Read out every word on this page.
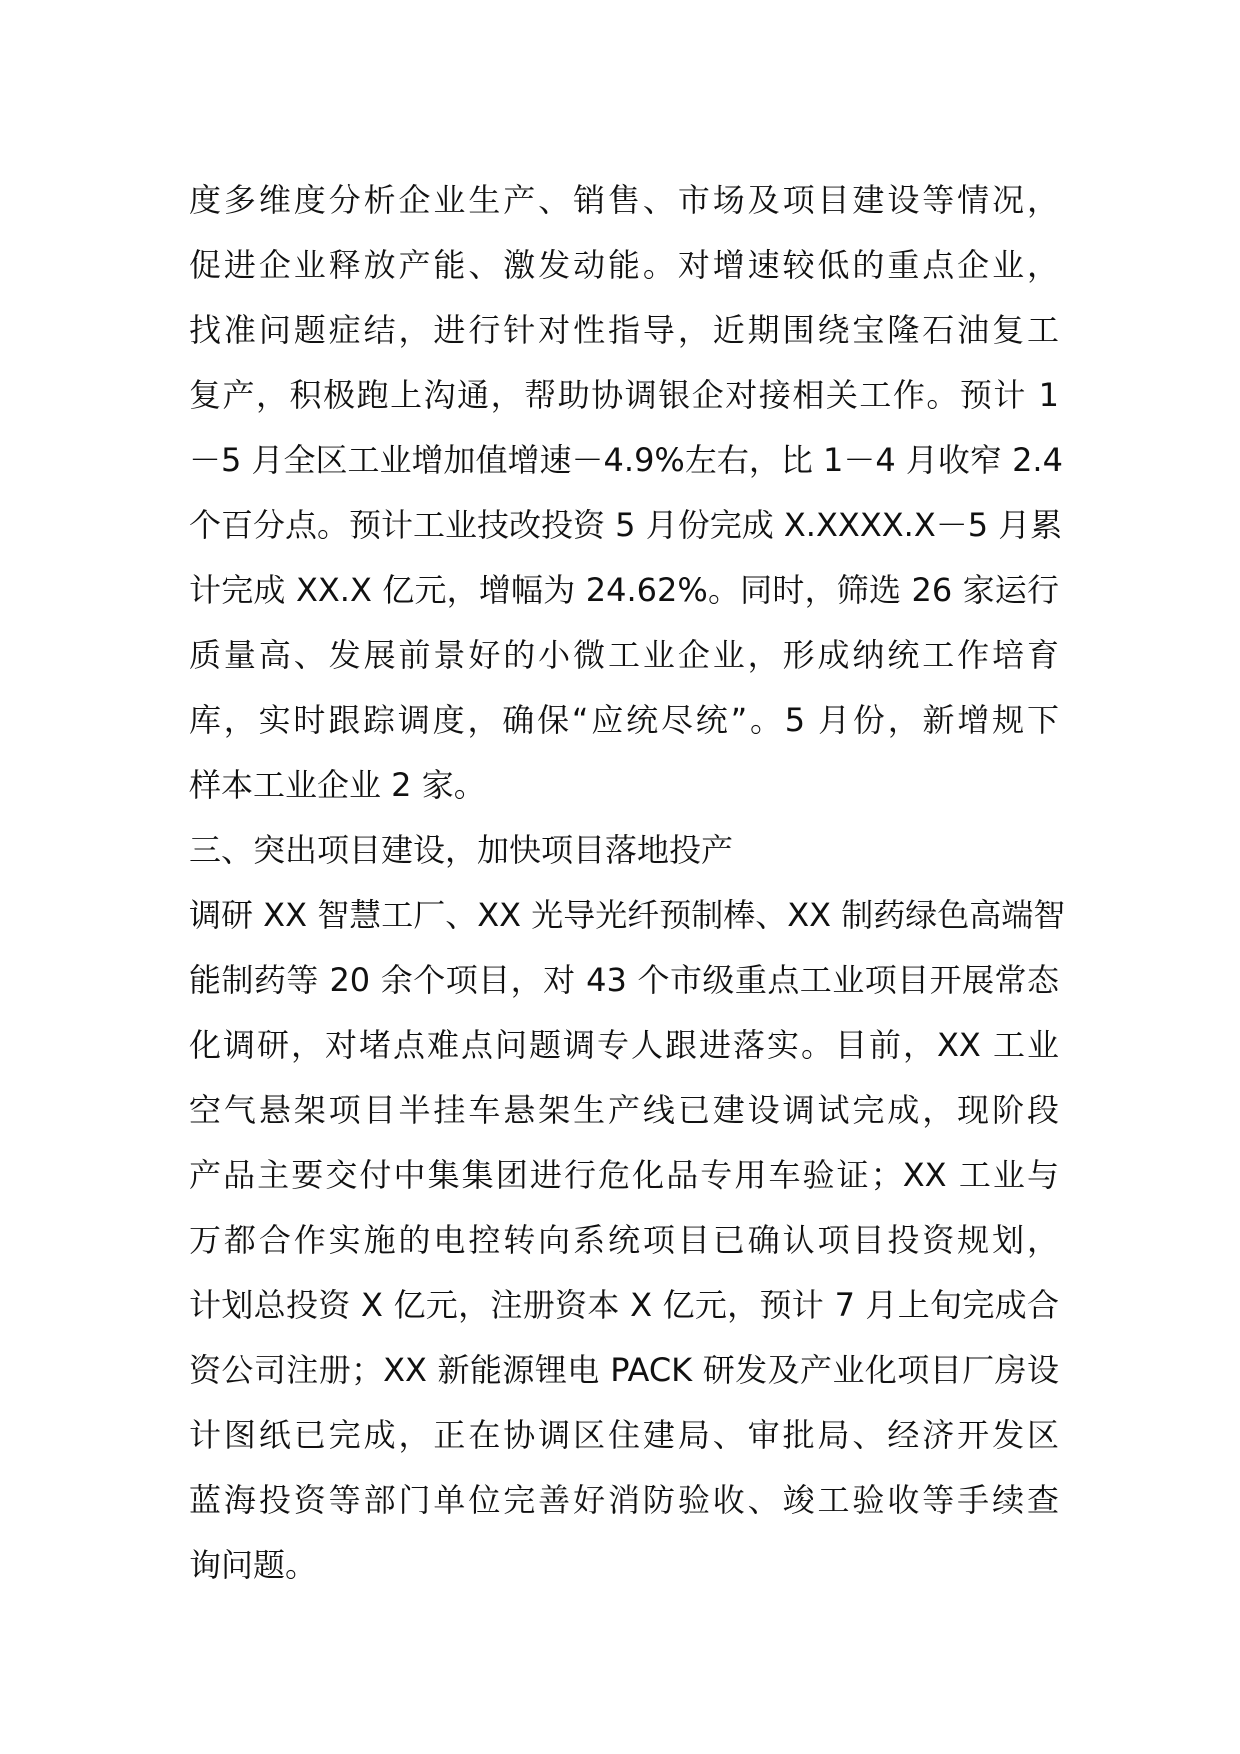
度多维度分析企业生产、销售、市场及项目建设等情况，
促进企业释放产能、激发动能。对增速较低的重点企业，
找准问题症结，进行针对性指导，近期围绕宝隆石油复工
复产，积极跑上沟通，帮助协调银企对接相关工作。预计 1
－5 月全区工业增加值增速－4.9%左右，比 1－4 月收窄 2.4
个百分点。预计工业技改投资 5 月份完成 X.XXXX.X－5 月累
计完成 XX.X 亿元，增幅为 24.62%。同时，筛选 26 家运行
质量高、发展前景好的小微工业企业，形成纳统工作培育
库，实时跟踪调度，确保“应统尽统”。5 月份，新增规下
样本工业企业 2 家。
三、突出项目建设，加快项目落地投产
调研 XX 智慧工厂、XX 光导光纤预制棒、XX 制药绿色高端智
能制药等 20 余个项目，对 43 个市级重点工业项目开展常态
化调研，对堵点难点问题调专人跟进落实。目前，XX 工业
空气悬架项目半挂车悬架生产线已建设调试完成，现阶段
产品主要交付中集集团进行危化品专用车验证；XX 工业与
万都合作实施的电控转向系统项目已确认项目投资规划，
计划总投资 X 亿元，注册资本 X 亿元，预计 7 月上旬完成合
资公司注册；XX 新能源锂电 PACK 研发及产业化项目厂房设
计图纸已完成，正在协调区住建局、审批局、经济开发区
蓝海投资等部门单位完善好消防验收、竣工验收等手续查
询问题。
